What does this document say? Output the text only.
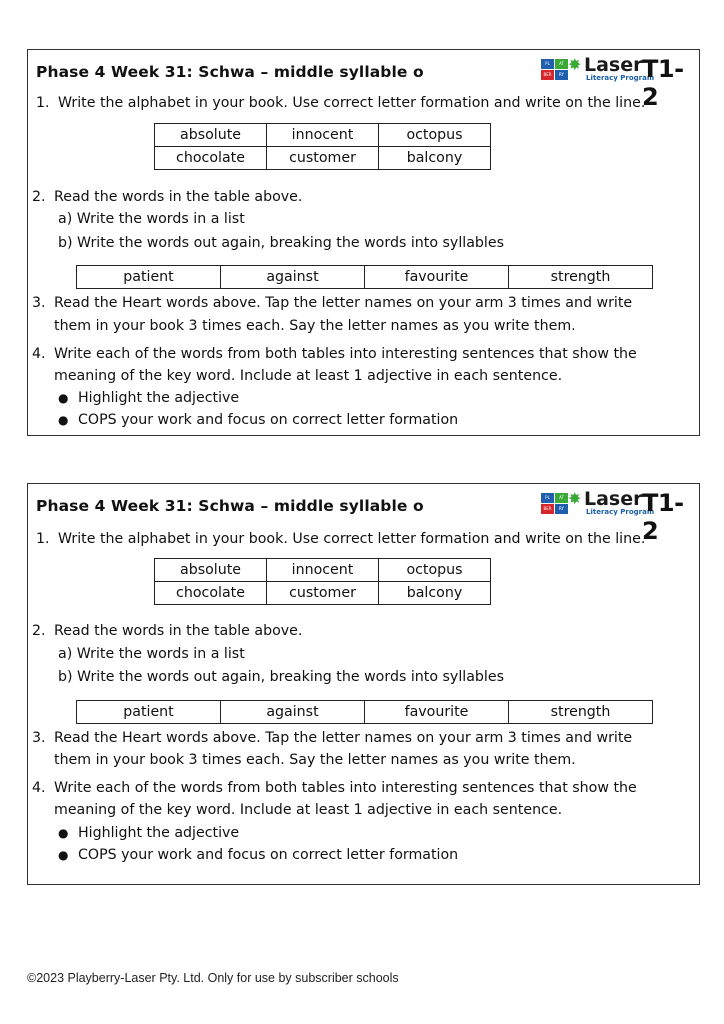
Phase 4 Week 31: Schwa – middle syllable o	PL	AT
BER	RY
✸ Laser
Literacy Program
T1-2
1. Write the alphabet in your book. Use correct letter formation and write on the line.
absolute	innocent	octopus
chocolate	customer	balcony
2. Read the words in the table above.
a) Write the words in a list
b) Write the words out again, breaking the words into syllables
patient	against	favourite	strength
3. Read the Heart words above. Tap the letter names on your arm 3 times and write
them in your book 3 times each. Say the letter names as you write them.
4. Write each of the words from both tables into interesting sentences that show the
meaning of the key word. Include at least 1 adjective in each sentence.
● Highlight the adjective
● COPS your work and focus on correct letter formation
Phase 4 Week 31: Schwa – middle syllable o	PL	AT
BER	RY
✸ Laser
Literacy Program
T1-2
1. Write the alphabet in your book. Use correct letter formation and write on the line.
absolute	innocent	octopus
chocolate	customer	balcony
2. Read the words in the table above.
a) Write the words in a list
b) Write the words out again, breaking the words into syllables
patient	against	favourite	strength
3. Read the Heart words above. Tap the letter names on your arm 3 times and write
them in your book 3 times each. Say the letter names as you write them.
4. Write each of the words from both tables into interesting sentences that show the
meaning of the key word. Include at least 1 adjective in each sentence.
● Highlight the adjective
● COPS your work and focus on correct letter formation
©2023 Playberry-Laser Pty. Ltd. Only for use by subscriber schools
